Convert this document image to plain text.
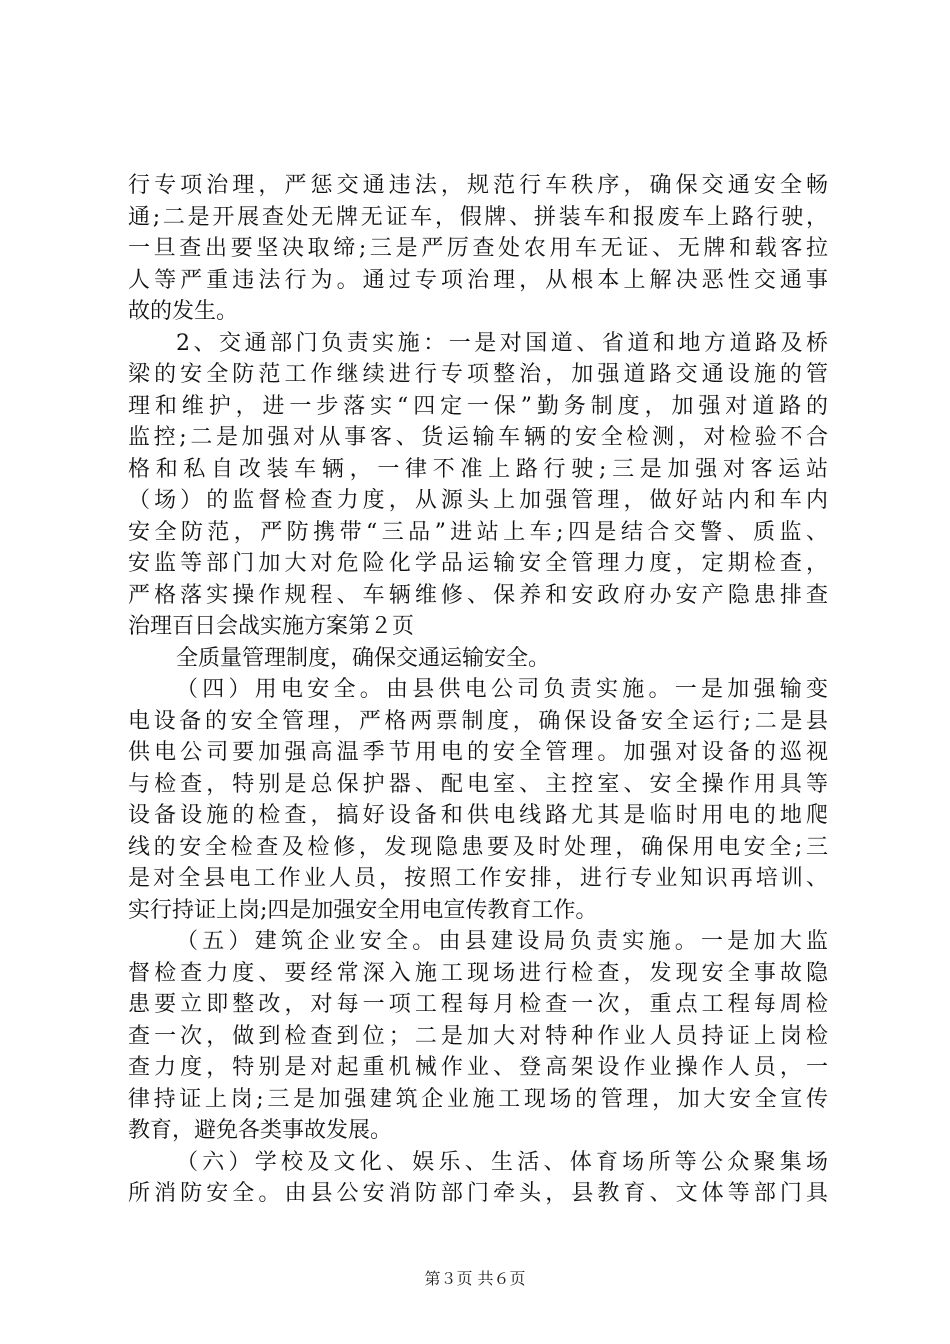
行专项治理，严惩交通违法，规范行车秩序，确保交通安全畅
通;二是开展查处无牌无证车，假牌、拼装车和报废车上路行驶，
一旦查出要坚决取缔;三是严厉查处农用车无证、无牌和载客拉
人等严重违法行为。通过专项治理，从根本上解决恶性交通事
故的发生。
2、交通部门负责实施：一是对国道、省道和地方道路及桥
梁的安全防范工作继续进行专项整治，加强道路交通设施的管
理和维护，进一步落实“四定一保”勤务制度，加强对道路的
监控;二是加强对从事客、货运输车辆的安全检测，对检验不合
格和私自改装车辆，一律不准上路行驶;三是加强对客运站
（场）的监督检查力度，从源头上加强管理，做好站内和车内
安全防范，严防携带“三品”进站上车;四是结合交警、质监、
安监等部门加大对危险化学品运输安全管理力度，定期检查，
严格落实操作规程、车辆维修、保养和安政府办安产隐患排查
治理百日会战实施方案第２页
全质量管理制度，确保交通运输安全。
（四）用电安全。由县供电公司负责实施。一是加强输变
电设备的安全管理，严格两票制度，确保设备安全运行;二是县
供电公司要加强高温季节用电的安全管理。加强对设备的巡视
与检查，特别是总保护器、配电室、主控室、安全操作用具等
设备设施的检查，搞好设备和供电线路尤其是临时用电的地爬
线的安全检查及检修，发现隐患要及时处理，确保用电安全;三
是对全县电工作业人员，按照工作安排，进行专业知识再培训、
实行持证上岗;四是加强安全用电宣传教育工作。
（五）建筑企业安全。由县建设局负责实施。一是加大监
督检查力度、要经常深入施工现场进行检查，发现安全事故隐
患要立即整改，对每一项工程每月检查一次，重点工程每周检
查一次，做到检查到位；二是加大对特种作业人员持证上岗检
查力度，特别是对起重机械作业、登高架设作业操作人员，一
律持证上岗;三是加强建筑企业施工现场的管理，加大安全宣传
教育，避免各类事故发展。
（六）学校及文化、娱乐、生活、体育场所等公众聚集场
所消防安全。由县公安消防部门牵头，县教育、文体等部门具
第３页 共６页
